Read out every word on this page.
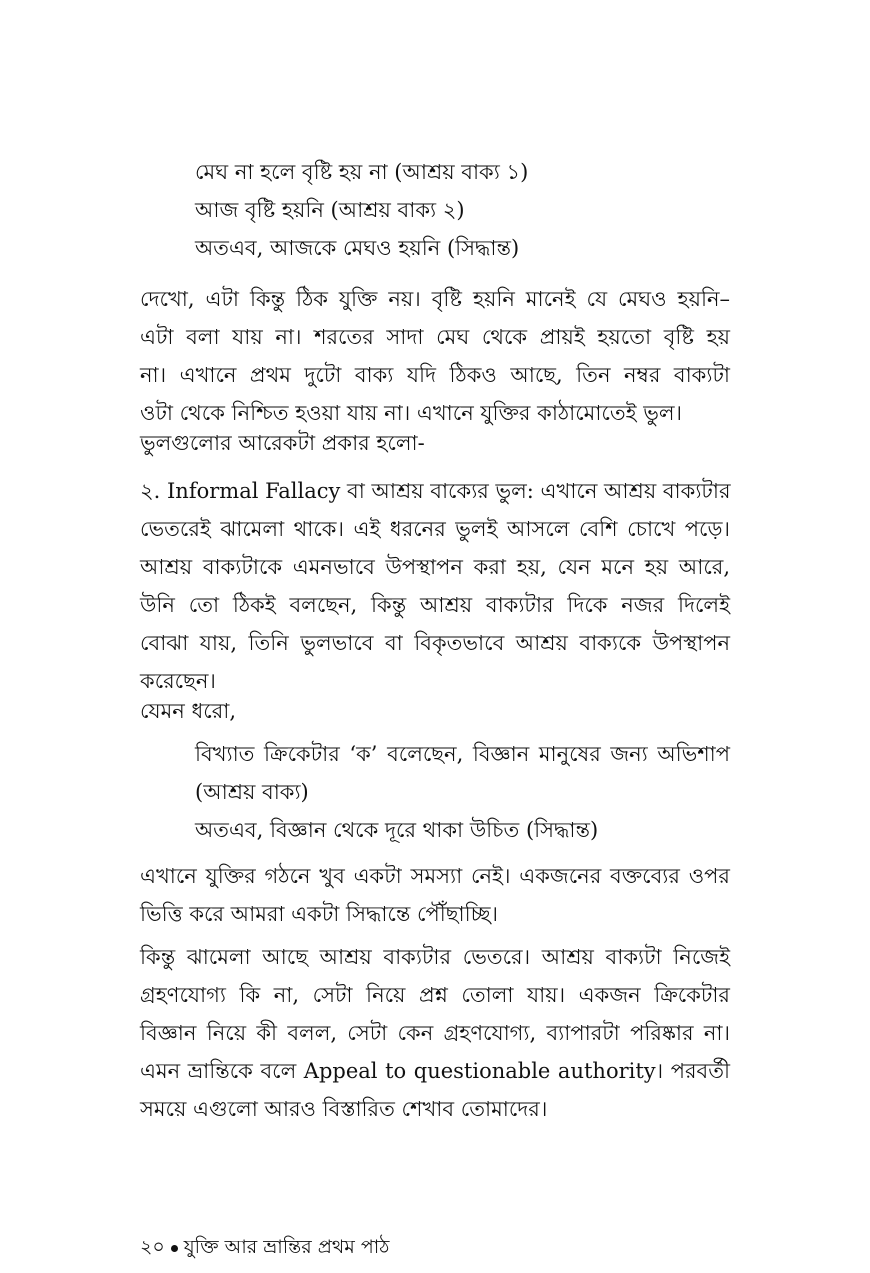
মেঘ না হলে বৃষ্টি হয় না (আশ্রয় বাক্য ১)
আজ বৃষ্টি হয়নি (আশ্রয় বাক্য ২)
অতএব, আজকে মেঘও হয়নি (সিদ্ধান্ত)
দেখো, এটা কিন্তু ঠিক যুক্তি নয়। বৃষ্টি হয়নি মানেই যে মেঘও হয়নি–
এটা বলা যায় না। শরতের সাদা মেঘ থেকে প্রায়ই হয়তো বৃষ্টি হয়
না। এখানে প্রথম দুটো বাক্য যদি ঠিকও আছে, তিন নম্বর বাক্যটা
ওটা থেকে নিশ্চিত হওয়া যায় না। এখানে যুক্তির কাঠামোতেই ভুল।
ভুলগুলোর আরেকটা প্রকার হলো-
২. Informal Fallacy বা আশ্রয় বাক্যের ভুল: এখানে আশ্রয় বাক্যটার
ভেতরেই ঝামেলা থাকে। এই ধরনের ভুলই আসলে বেশি চোখে পড়ে।
আশ্রয় বাক্যটাকে এমনভাবে উপস্থাপন করা হয়, যেন মনে হয় আরে,
উনি তো ঠিকই বলছেন, কিন্তু আশ্রয় বাক্যটার দিকে নজর দিলেই
বোঝা যায়, তিনি ভুলভাবে বা বিকৃতভাবে আশ্রয় বাক্যকে উপস্থাপন
করেছেন।
যেমন ধরো,
বিখ্যাত ক্রিকেটার ‘ক’ বলেছেন, বিজ্ঞান মানুষের জন্য অভিশাপ
(আশ্রয় বাক্য)
অতএব, বিজ্ঞান থেকে দূরে থাকা উচিত (সিদ্ধান্ত)
এখানে যুক্তির গঠনে খুব একটা সমস্যা নেই। একজনের বক্তব্যের ওপর
ভিত্তি করে আমরা একটা সিদ্ধান্তে পৌঁছাচ্ছি।
কিন্তু ঝামেলা আছে আশ্রয় বাক্যটার ভেতরে। আশ্রয় বাক্যটা নিজেই
গ্রহণযোগ্য কি না, সেটা নিয়ে প্রশ্ন তোলা যায়। একজন ক্রিকেটার
বিজ্ঞান নিয়ে কী বলল, সেটা কেন গ্রহণযোগ্য, ব্যাপারটা পরিষ্কার না।
এমন ভ্রান্তিকে বলে Appeal to questionable authority। পরবর্তী
সময়ে এগুলো আরও বিস্তারিত শেখাব তোমাদের।
২০ যুক্তি আর ভ্রান্তির প্রথম পাঠ
